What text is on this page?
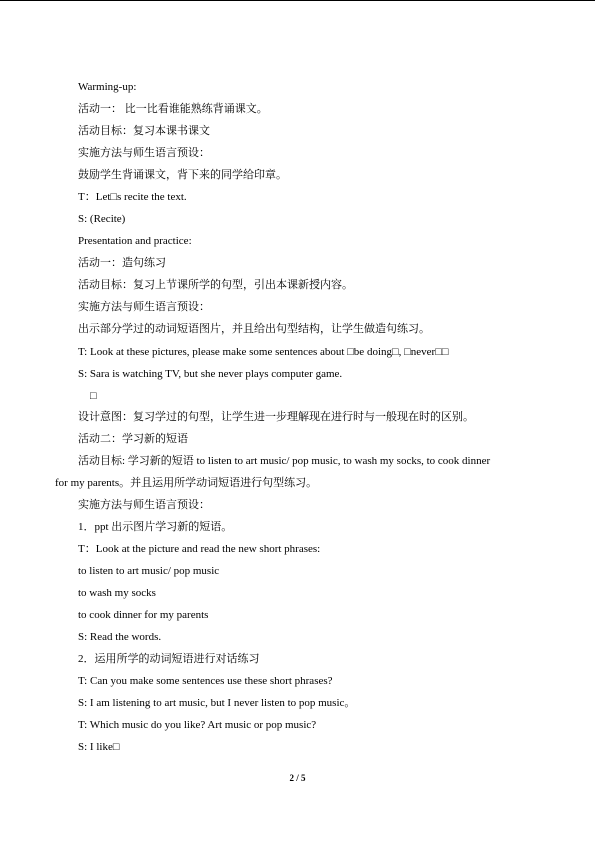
Warming-up:
活动一： 比一比看谁能熟练背诵课文。
活动目标：复习本课书课文
实施方法与师生语言预设：
鼓励学生背诵课文，背下来的同学给印章。
T：Let□s recite the text.
S: (Recite)
Presentation and practice:
活动一：造句练习
活动目标：复习上节课所学的句型，引出本课新授内容。
实施方法与师生语言预设：
出示部分学过的动词短语图片，并且给出句型结构，让学生做造句练习。
T: Look at these pictures, please make some sentences about □be doing□, □never□□
S: Sara is watching TV, but she never plays computer game.
□
设计意图：复习学过的句型，让学生进一步理解现在进行时与一般现在时的区别。
活动二：学习新的短语
活动目标: 学习新的短语 to listen to art music/ pop music, to wash my socks, to cook dinner
for my parents。并且运用所学动词短语进行句型练习。
实施方法与师生语言预设：
1．ppt 出示图片学习新的短语。
T：Look at the picture and read the new short phrases:
to listen to art music/ pop music
to wash my socks
to cook dinner for my parents
S: Read the words.
2．运用所学的动词短语进行对话练习
T: Can you make some sentences use these short phrases?
S: I am listening to art music, but I never listen to pop music。
T: Which music do you like? Art music or pop music?
S: I like□
2 / 5
